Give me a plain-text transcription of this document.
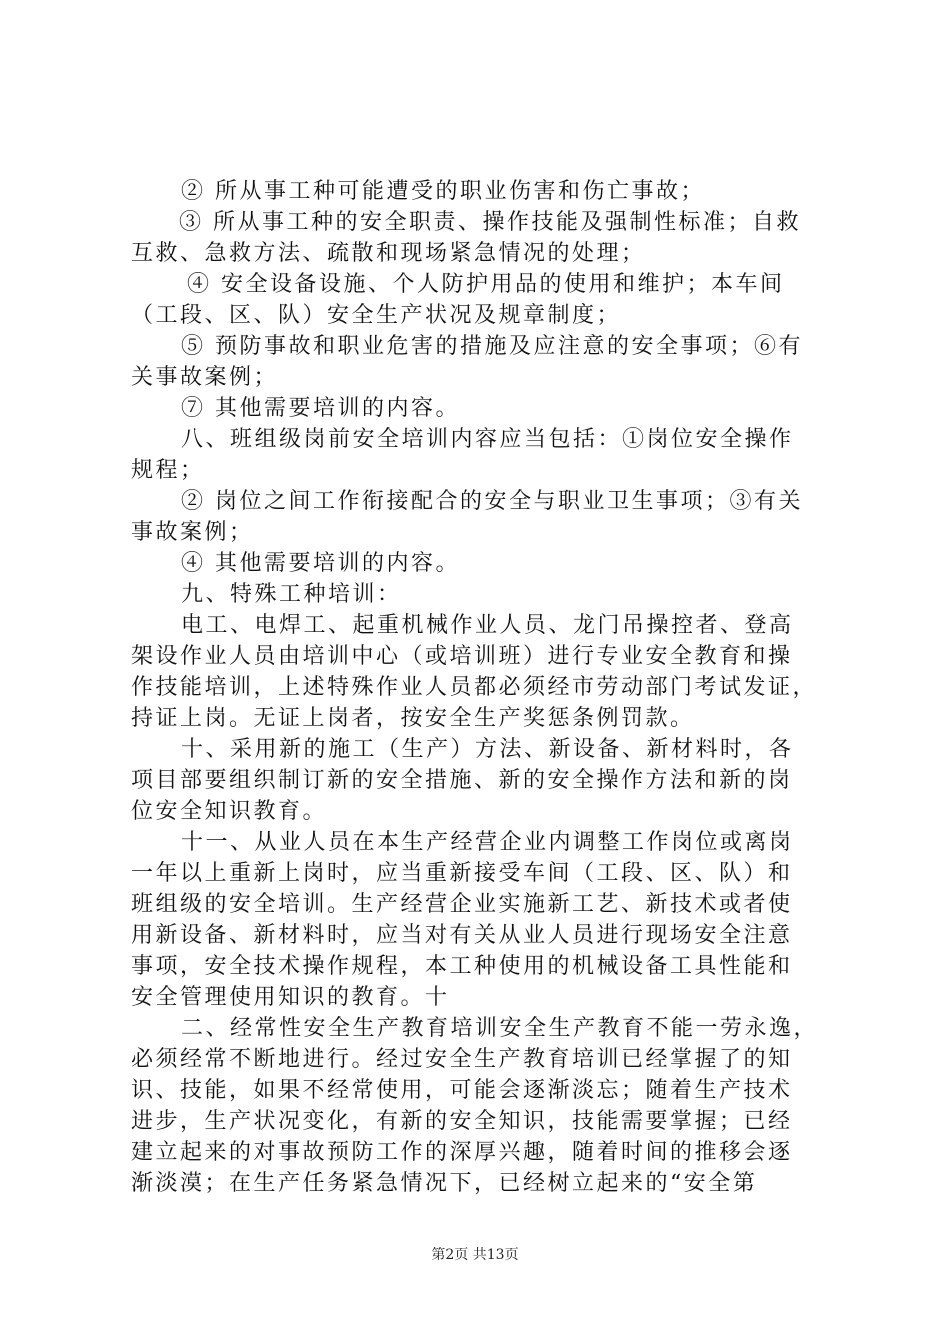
② 所从事工种可能遭受的职业伤害和伤亡事故；
③ 所从事工种的安全职责、操作技能及强制性标准；自救
互救、急救方法、疏散和现场紧急情况的处理；
④ 安全设备设施、个人防护用品的使用和维护；本车间
（工段、区、队）安全生产状况及规章制度；
⑤ 预防事故和职业危害的措施及应注意的安全事项；⑥有
关事故案例；
⑦ 其他需要培训的内容。
八、班组级岗前安全培训内容应当包括：①岗位安全操作
规程；
② 岗位之间工作衔接配合的安全与职业卫生事项；③有关
事故案例；
④ 其他需要培训的内容。
九、特殊工种培训：
电工、电焊工、起重机械作业人员、龙门吊操控者、登高
架设作业人员由培训中心（或培训班）进行专业安全教育和操
作技能培训，上述特殊作业人员都必须经市劳动部门考试发证，
持证上岗。无证上岗者，按安全生产奖惩条例罚款。
十、采用新的施工（生产）方法、新设备、新材料时，各
项目部要组织制订新的安全措施、新的安全操作方法和新的岗
位安全知识教育。
十一、从业人员在本生产经营企业内调整工作岗位或离岗
一年以上重新上岗时，应当重新接受车间（工段、区、队）和
班组级的安全培训。生产经营企业实施新工艺、新技术或者使
用新设备、新材料时，应当对有关从业人员进行现场安全注意
事项，安全技术操作规程，本工种使用的机械设备工具性能和
安全管理使用知识的教育。十
二、经常性安全生产教育培训安全生产教育不能一劳永逸，
必须经常不断地进行。经过安全生产教育培训已经掌握了的知
识、技能，如果不经常使用，可能会逐渐淡忘；随着生产技术
进步，生产状况变化，有新的安全知识，技能需要掌握；已经
建立起来的对事故预防工作的深厚兴趣，随着时间的推移会逐
渐淡漠；在生产任务紧急情况下，已经树立起来的“安全第
第2页 共13页
